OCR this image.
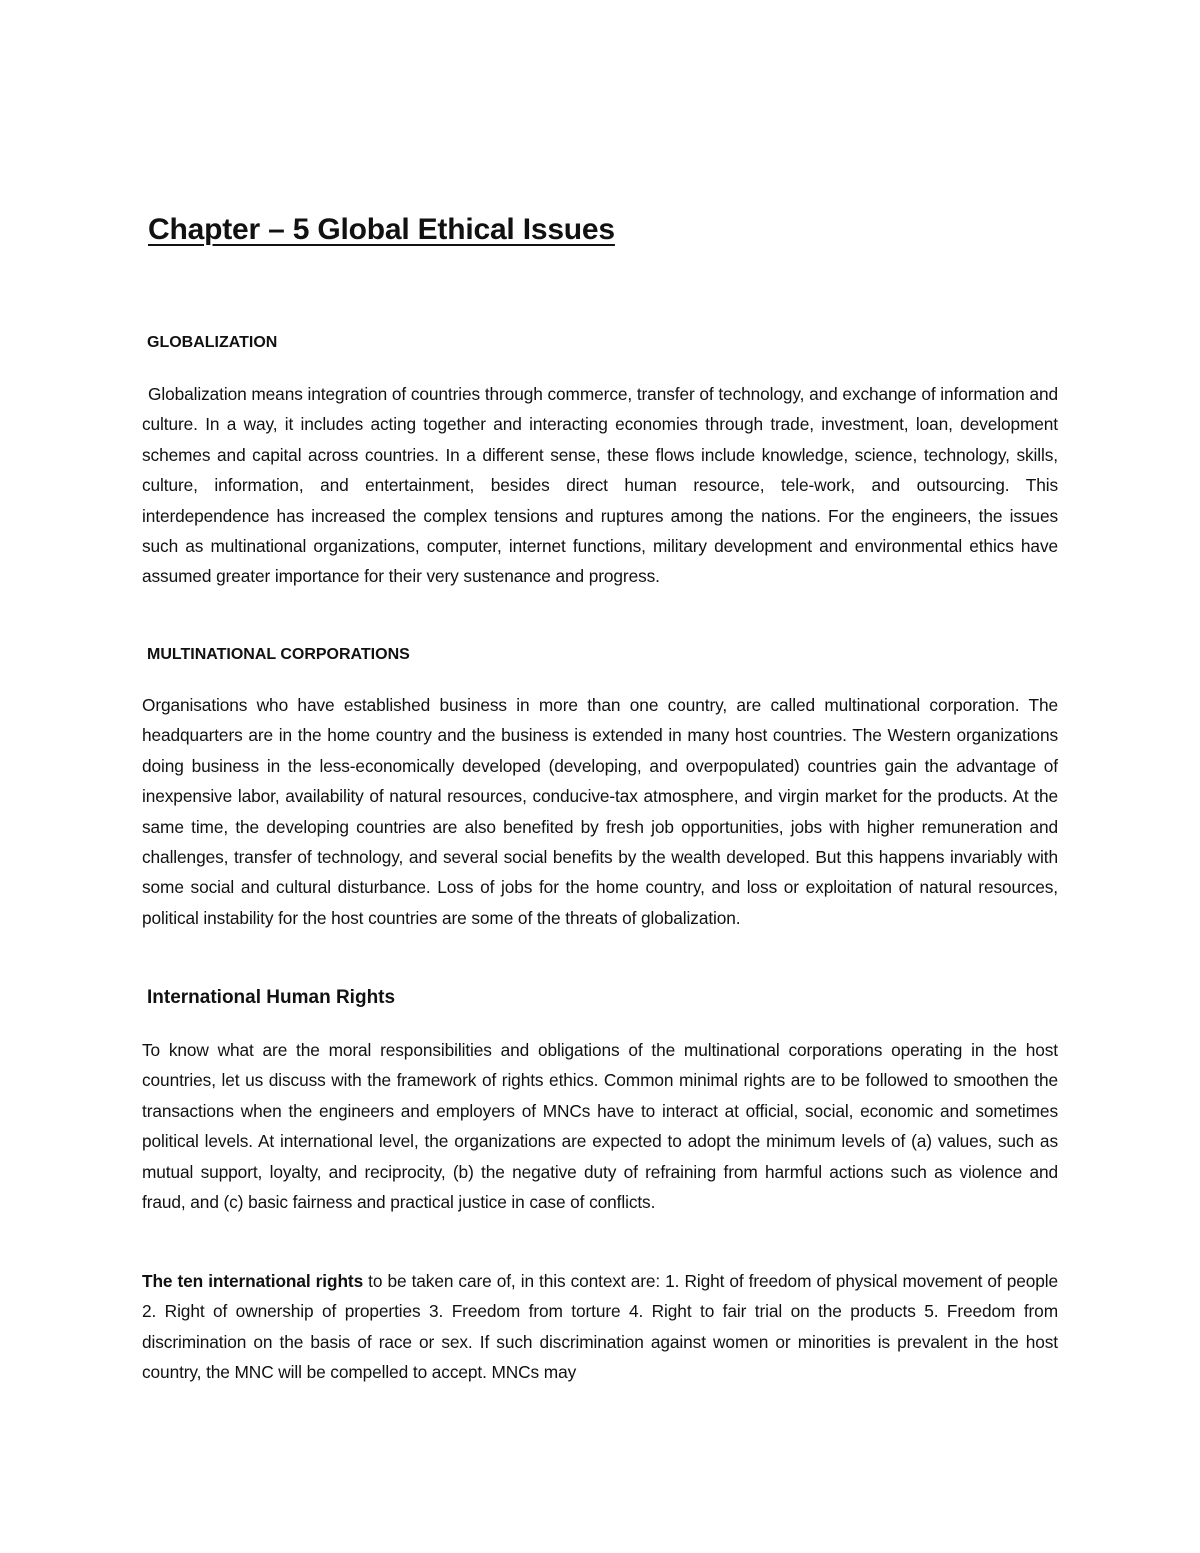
Chapter – 5 Global Ethical Issues
GLOBALIZATION

Globalization means integration of countries through commerce, transfer of technology, and exchange of information and culture. In a way, it includes acting together and interacting economies through trade, investment, loan, development schemes and capital across countries. In a different sense, these flows include knowledge, science, technology, skills, culture, information, and entertainment, besides direct human resource, tele-work, and outsourcing. This interdependence has increased the complex tensions and ruptures among the nations. For the engineers, the issues such as multinational organizations, computer, internet functions, military development and environmental ethics have assumed greater importance for their very sustenance and progress.

MULTINATIONAL CORPORATIONS

Organisations who have established business in more than one country, are called multinational corporation. The headquarters are in the home country and the business is extended in many host countries. The Western organizations doing business in the less-economically developed (developing, and overpopulated) countries gain the advantage of inexpensive labor, availability of natural resources, conducive-tax atmosphere, and virgin market for the products. At the same time, the developing countries are also benefited by fresh job opportunities, jobs with higher remuneration and challenges, transfer of technology, and several social benefits by the wealth developed. But this happens invariably with some social and cultural disturbance. Loss of jobs for the home country, and loss or exploitation of natural resources, political instability for the host countries are some of the threats of globalization.

International Human Rights

To know what are the moral responsibilities and obligations of the multinational corporations operating in the host countries, let us discuss with the framework of rights ethics. Common minimal rights are to be followed to smoothen the transactions when the engineers and employers of MNCs have to interact at official, social, economic and sometimes political levels. At international level, the organizations are expected to adopt the minimum levels of (a) values, such as mutual support, loyalty, and reciprocity, (b) the negative duty of refraining from harmful actions such as violence and fraud, and (c) basic fairness and practical justice in case of conflicts.

The ten international rights to be taken care of, in this context are: 1. Right of freedom of physical movement of people 2. Right of ownership of properties 3. Freedom from torture 4. Right to fair trial on the products 5. Freedom from discrimination on the basis of race or sex. If such discrimination against women or minorities is prevalent in the host country, the MNC will be compelled to accept. MNCs may
